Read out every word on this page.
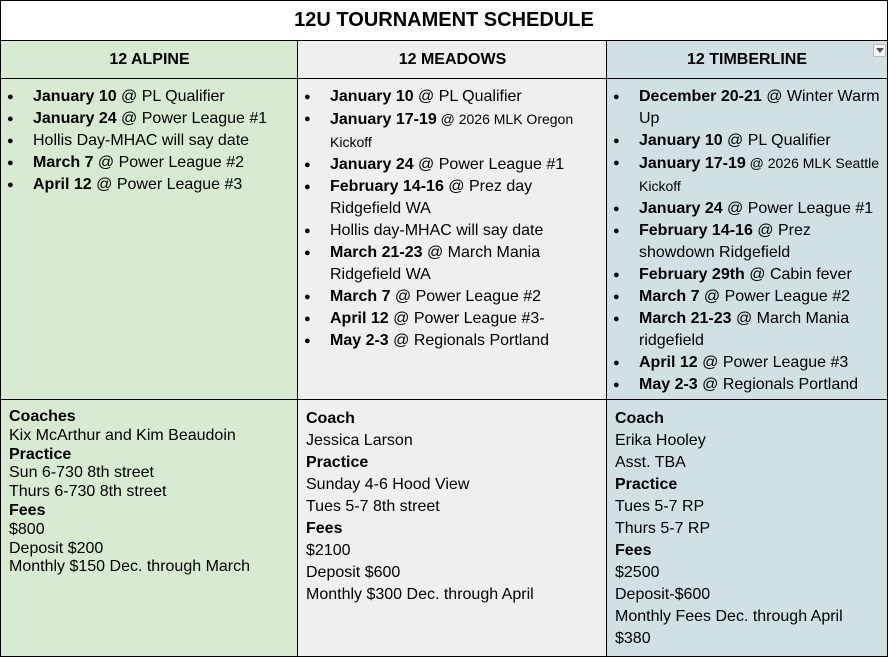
12U TOURNAMENT SCHEDULE
12 ALPINE
● January 10 @ PL Qualifier
● January 24 @ Power League #1
● Hollis Day-MHAC will say date
● March 7 @ Power League #2
● April 12 @ Power League #3
Coaches
Kix McArthur and Kim Beaudoin
Practice
Sun 6-730 8th street
Thurs 6-730 8th street
Fees
$800
Deposit $200
Monthly $150 Dec. through March
12 MEADOWS
● January 10 @ PL Qualifier
● January 17-19 @ 2026 MLK Oregon Kickoff
● January 24 @ Power League #1
● February 14-16 @ Prez day Ridgefield WA
● Hollis day-MHAC will say date
● March 21-23 @ March Mania Ridgefield WA
● March 7 @ Power League #2
● April 12 @ Power League #3-
● May 2-3 @ Regionals Portland
Coach
Jessica Larson
Practice
Sunday 4-6 Hood View
Tues 5-7 8th street
Fees
$2100
Deposit $600
Monthly $300 Dec. through April
12 TIMBERLINE
● December 20-21 @ Winter Warm Up
● January 10 @ PL Qualifier
● January 17-19 @ 2026 MLK Seattle Kickoff
● January 24 @ Power League #1
● February 14-16 @ Prez showdown Ridgefield
● February 29th @ Cabin fever
● March 7 @ Power League #2
● March 21-23 @ March Mania ridgefield
● April 12 @ Power League #3
● May 2-3 @ Regionals Portland
Coach
Erika Hooley
Asst. TBA
Practice
Tues 5-7 RP
Thurs 5-7 RP
Fees
$2500
Deposit-$600
Monthly Fees Dec. through April $380
